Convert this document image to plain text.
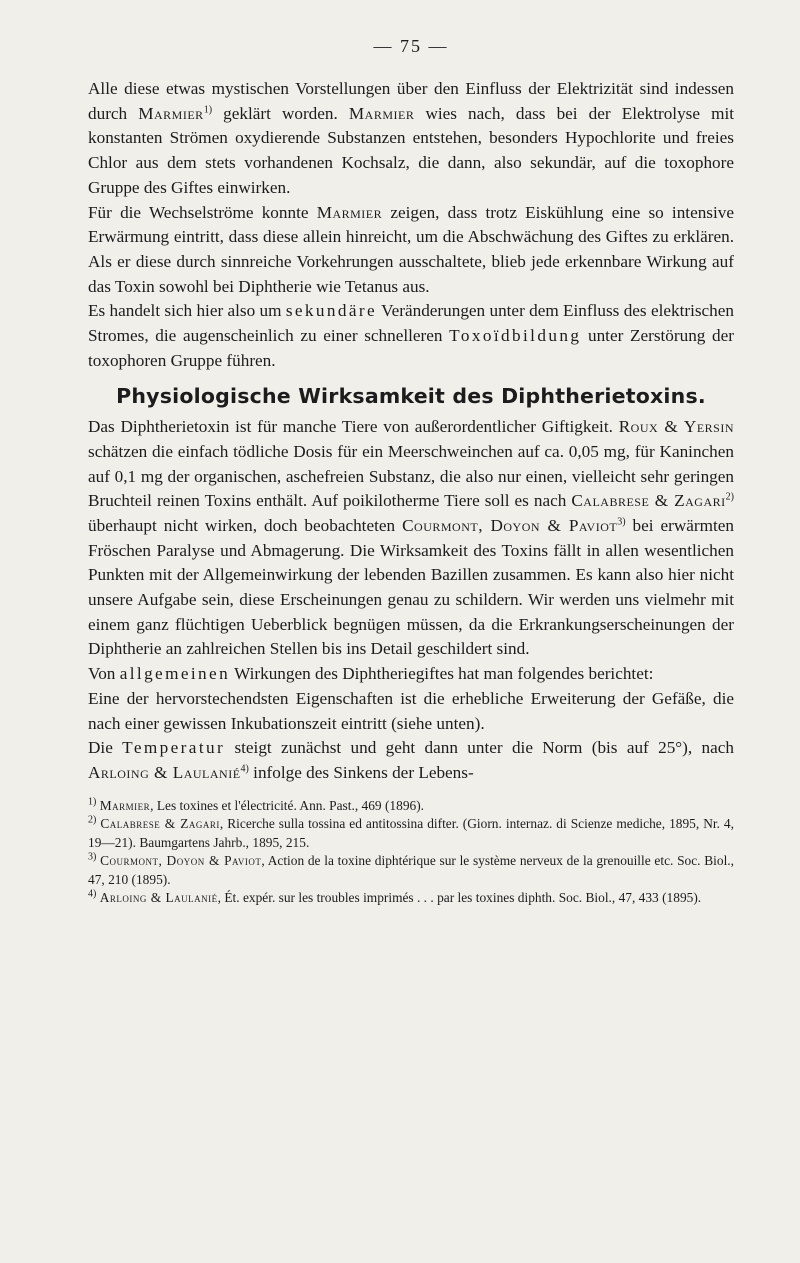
— 75 —

Alle diese etwas mystischen Vorstellungen über den Einfluss der Elektrizität sind indessen durch Marmier$^{1)}$ geklärt worden. Marmier wies nach, dass bei der Elektrolyse mit konstanten Strömen oxydierende Substanzen entstehen, besonders Hypochlorite und freies Chlor aus dem stets vorhandenen Kochsalz, die dann, also sekundär, auf die toxophore Gruppe des Giftes einwirken.

Für die Wechselströme konnte Marmier zeigen, dass trotz Eiskühlung eine so intensive Erwärmung eintritt, dass diese allein hinreicht, um die Abschwächung des Giftes zu erklären. Als er diese durch sinnreiche Vorkehrungen ausschaltete, blieb jede erkennbare Wirkung auf das Toxin sowohl bei Diphtherie wie Tetanus aus.

Es handelt sich hier also um sekundäre Veränderungen unter dem Einfluss des elektrischen Stromes, die augenscheinlich zu einer schnelleren Toxoïdbildung unter Zerstörung der toxophoren Gruppe führen.

Physiologische Wirksamkeit des Diphtherietoxins.

Das Diphtherietoxin ist für manche Tiere von außerordentlicher Giftigkeit. Roux & Yersin schätzen die einfach tödliche Dosis für ein Meerschweinchen auf ca. 0,05 mg, für Kaninchen auf 0,1 mg der organischen, aschefreien Substanz, die also nur einen, vielleicht sehr geringen Bruchteil reinen Toxins enthält. Auf poikilotherme Tiere soll es nach Calabrese & Zagari$^{2)}$ überhaupt nicht wirken, doch beobachteten Courmont, Doyon & Paviot$^{3)}$ bei erwärmten Fröschen Paralyse und Abmagerung. Die Wirksamkeit des Toxins fällt in allen wesentlichen Punkten mit der Allgemeinwirkung der lebenden Bazillen zusammen. Es kann also hier nicht unsere Aufgabe sein, diese Erscheinungen genau zu schildern. Wir werden uns vielmehr mit einem ganz flüchtigen Ueberblick begnügen müssen, da die Erkrankungserscheinungen der Diphtherie an zahlreichen Stellen bis ins Detail geschildert sind.

Von allgemeinen Wirkungen des Diphtheriegiftes hat man folgendes berichtet:

Eine der hervorstechendsten Eigenschaften ist die erhebliche Erweiterung der Gefäße, die nach einer gewissen Inkubationszeit eintritt (siehe unten).

Die Temperatur steigt zunächst und geht dann unter die Norm (bis auf 25°), nach Arloing & Laulanié$^{4)}$ infolge des Sinkens der Lebens-

$^{1)}$ Marmier, Les toxines et l'électricité. Ann. Past., 469 (1896).

$^{2)}$ Calabrese & Zagari, Ricerche sulla tossina ed antitossina difter. (Giorn. internaz. di Scienze mediche, 1895, Nr. 4, 19—21). Baumgartens Jahrb., 1895, 215.

$^{3)}$ Courmont, Doyon & Paviot, Action de la toxine diphtérique sur le système nerveux de la grenouille etc. Soc. Biol., 47, 210 (1895).

$^{4)}$ Arloing & Laulanié, Ét. expér. sur les troubles imprimés . . . par les toxines diphth. Soc. Biol., 47, 433 (1895).
